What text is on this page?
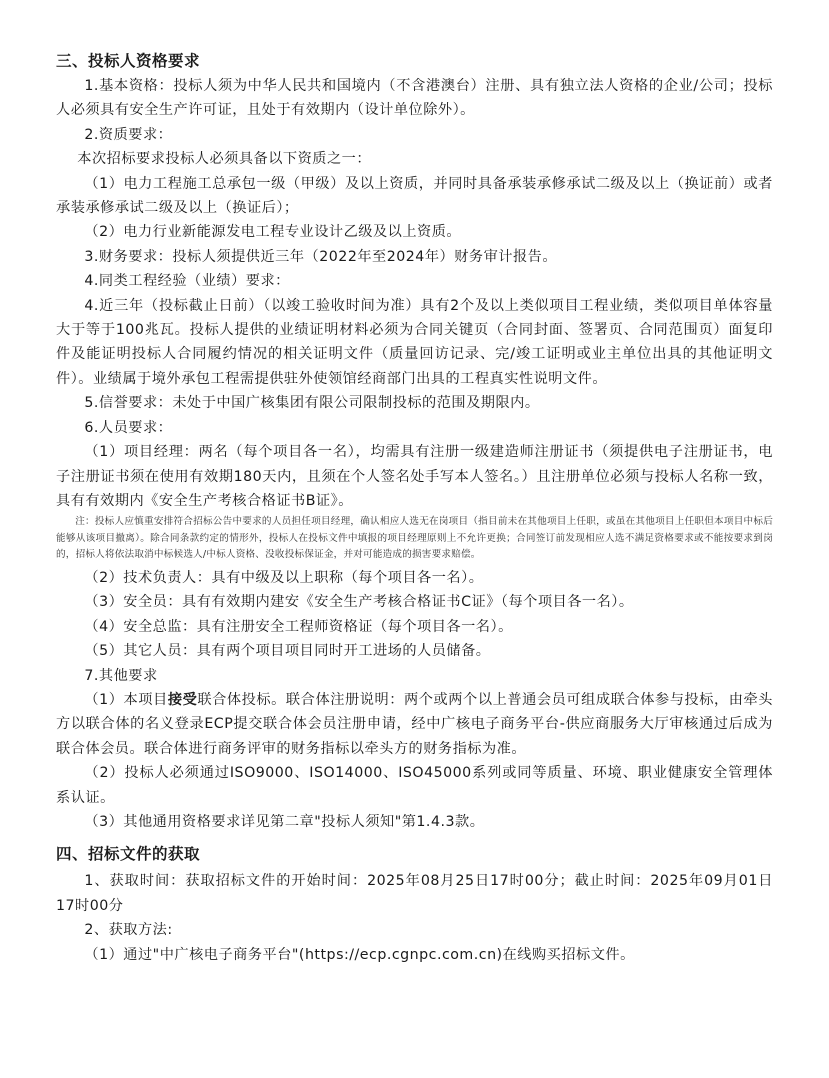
三、投标人资格要求

1.基本资格：投标人须为中华人民共和国境内（不含港澳台）注册、具有独立法人资格的企业/公司；投标人必须具有安全生产许可证，且处于有效期内（设计单位除外）。

2.资质要求：

本次招标要求投标人必须具备以下资质之一：

（1）电力工程施工总承包一级（甲级）及以上资质，并同时具备承装承修承试二级及以上（换证前）或者承装承修承试二级及以上（换证后）；

（2）电力行业新能源发电工程专业设计乙级及以上资质。

3.财务要求：投标人须提供近三年（2022年至2024年）财务审计报告。

4.同类工程经验（业绩）要求：

4.近三年（投标截止日前）（以竣工验收时间为准）具有2个及以上类似项目工程业绩，类似项目单体容量大于等于100兆瓦。投标人提供的业绩证明材料必须为合同关键页（合同封面、签署页、合同范围页）面复印件及能证明投标人合同履约情况的相关证明文件（质量回访记录、完/竣工证明或业主单位出具的其他证明文件）。业绩属于境外承包工程需提供驻外使领馆经商部门出具的工程真实性说明文件。

5.信誉要求：未处于中国广核集团有限公司限制投标的范围及期限内。

6.人员要求：

（1）项目经理：两名（每个项目各一名），均需具有注册一级建造师注册证书（须提供电子注册证书，电子注册证书须在使用有效期180天内，且须在个人签名处手写本人签名。）且注册单位必须与投标人名称一致，具有有效期内《安全生产考核合格证书B证》。

注：投标人应慎重安排符合招标公告中要求的人员担任项目经理，确认相应人选无在岗项目（指目前未在其他项目上任职，或虽在其他项目上任职但本项目中标后能够从该项目撤离）。除合同条款约定的情形外，投标人在投标文件中填报的项目经理原则上不允许更换；合同签订前发现相应人选不满足资格要求或不能按要求到岗的，招标人将依法取消中标候选人/中标人资格、没收投标保证金，并对可能造成的损害要求赔偿。

（2）技术负责人：具有中级及以上职称（每个项目各一名）。

（3）安全员：具有有效期内建安《安全生产考核合格证书C证》（每个项目各一名）。

（4）安全总监：具有注册安全工程师资格证（每个项目各一名）。

（5）其它人员：具有两个项目项目同时开工进场的人员储备。

7.其他要求

（1）本项目接受联合体投标。联合体注册说明：两个或两个以上普通会员可组成联合体参与投标，由牵头方以联合体的名义登录ECP提交联合体会员注册申请，经中广核电子商务平台-供应商服务大厅审核通过后成为联合体会员。联合体进行商务评审的财务指标以牵头方的财务指标为准。

（2）投标人必须通过ISO9000、ISO14000、ISO45000系列或同等质量、环境、职业健康安全管理体系认证。

（3）其他通用资格要求详见第二章"投标人须知"第1.4.3款。

四、招标文件的获取

1、获取时间：获取招标文件的开始时间：2025年08月25日17时00分；截止时间：2025年09月01日17时00分

2、获取方法:

（1）通过"中广核电子商务平台"(https://ecp.cgnpc.com.cn)在线购买招标文件。
